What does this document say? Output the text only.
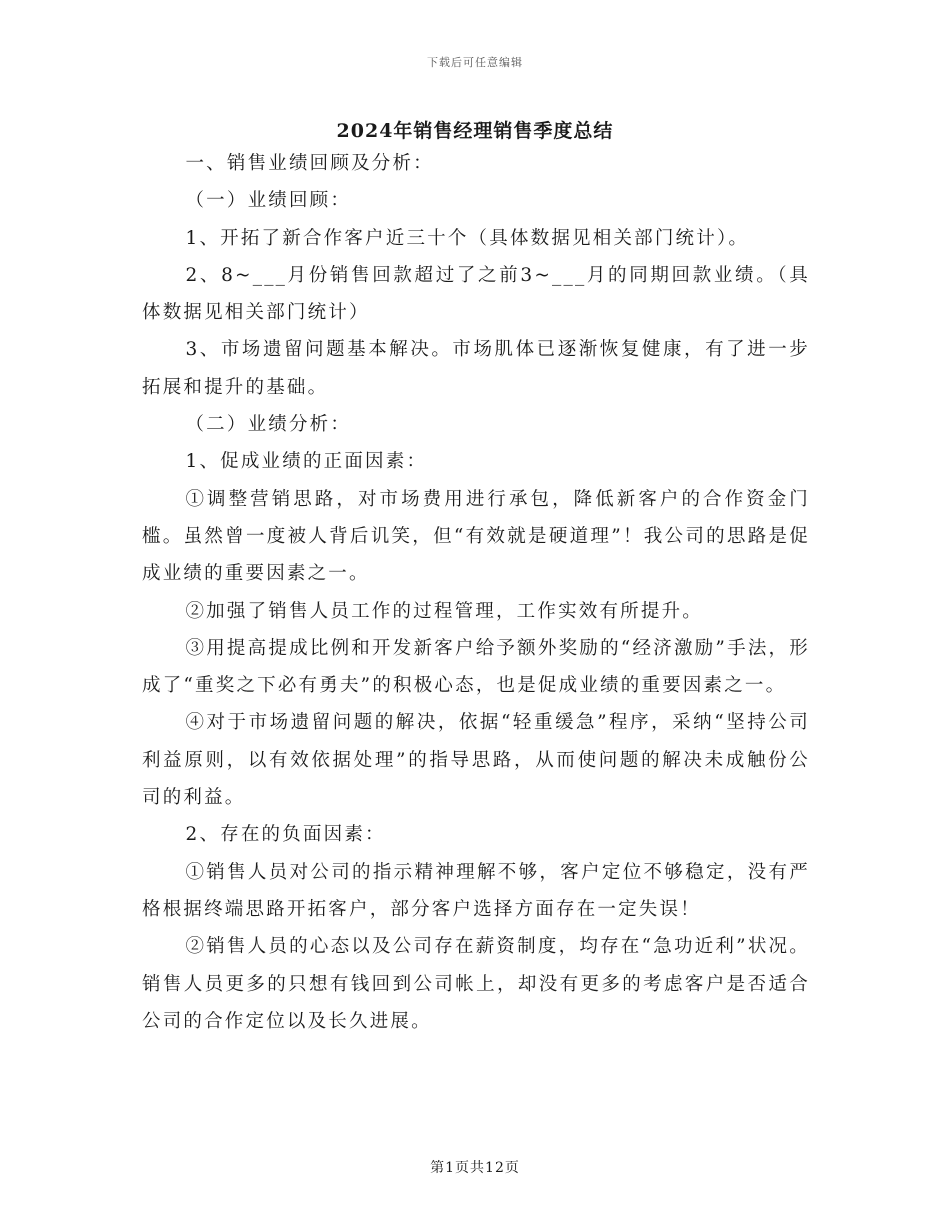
下载后可任意编辑
2024年销售经理销售季度总结

一、销售业绩回顾及分析：

（一）业绩回顾：

1、开拓了新合作客户近三十个（具体数据见相关部门统计）。

2、8~___月份销售回款超过了之前3~___月的同期回款业绩。（具体数据见相关部门统计）

3、市场遗留问题基本解决。市场肌体已逐渐恢复健康，有了进一步拓展和提升的基础。

（二）业绩分析：

1、促成业绩的正面因素：

①调整营销思路，对市场费用进行承包，降低新客户的合作资金门槛。虽然曾一度被人背后讥笑，但“有效就是硬道理”！我公司的思路是促成业绩的重要因素之一。

②加强了销售人员工作的过程管理，工作实效有所提升。

③用提高提成比例和开发新客户给予额外奖励的“经济激励”手法，形成了“重奖之下必有勇夫”的积极心态，也是促成业绩的重要因素之一。

④对于市场遗留问题的解决，依据“轻重缓急”程序，采纳“坚持公司利益原则，以有效依据处理”的指导思路，从而使问题的解决未成触份公司的利益。

2、存在的负面因素：

①销售人员对公司的指示精神理解不够，客户定位不够稳定，没有严格根据终端思路开拓客户，部分客户选择方面存在一定失误！

②销售人员的心态以及公司存在薪资制度，均存在“急功近利”状况。销售人员更多的只想有钱回到公司帐上，却没有更多的考虑客户是否适合公司的合作定位以及长久进展。

第1页共12页
